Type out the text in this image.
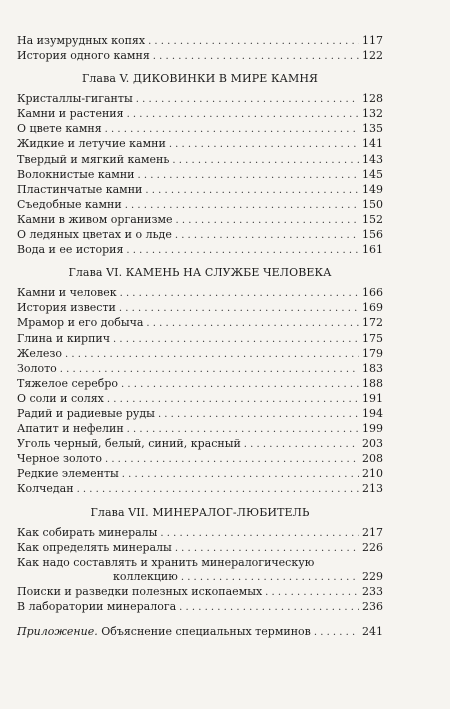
На изумрудных копях . . .	117
История одного камня . . .	122
Глава V. ДИКОВИНКИ В МИРЕ КАМНЯ
Кристаллы-гиганты . . .	128
Камни и растения . . .	132
О цвете камня . . .	135
Жидкие и летучие камни . . .	141
Твердый и мягкий камень . . .	143
Волокнистые камни . . .	145
Пластинчатые камни . . .	149
Съедобные камни . . .	150
Камни в живом организме . . .	152
О ледяных цветах и о льде . . .	156
Вода и ее история . . .	161
Глава VI. КАМЕНЬ НА СЛУЖБЕ ЧЕЛОВЕКА
Камни и человек . . .	166
История извести . . .	169
Мрамор и его добыча . . .	172
Глина и кирпич . . .	175
Железо . . .	179
Золото . . .	183
Тяжелое серебро . . .	188
О соли и солях . . .	191
Радий и радиевые руды . . .	194
Апатит и нефелин . . .	199
Уголь черный, белый, синий, красный . . .	203
Черное золото . . .	208
Редкие элементы . . .	210
Колчедан . . .	213
Глава VII. МИНЕРАЛОГ-ЛЮБИТЕЛЬ
Как собирать минералы . . .	217
Как определять минералы . . .	226
Как надо составлять и хранить минералогическую
коллекцию . . .	229
Поиски и разведки полезных ископаемых . . .	233
В лаборатории минералога . . .	236
Приложение. Объяснение специальных терминов . . .	241
